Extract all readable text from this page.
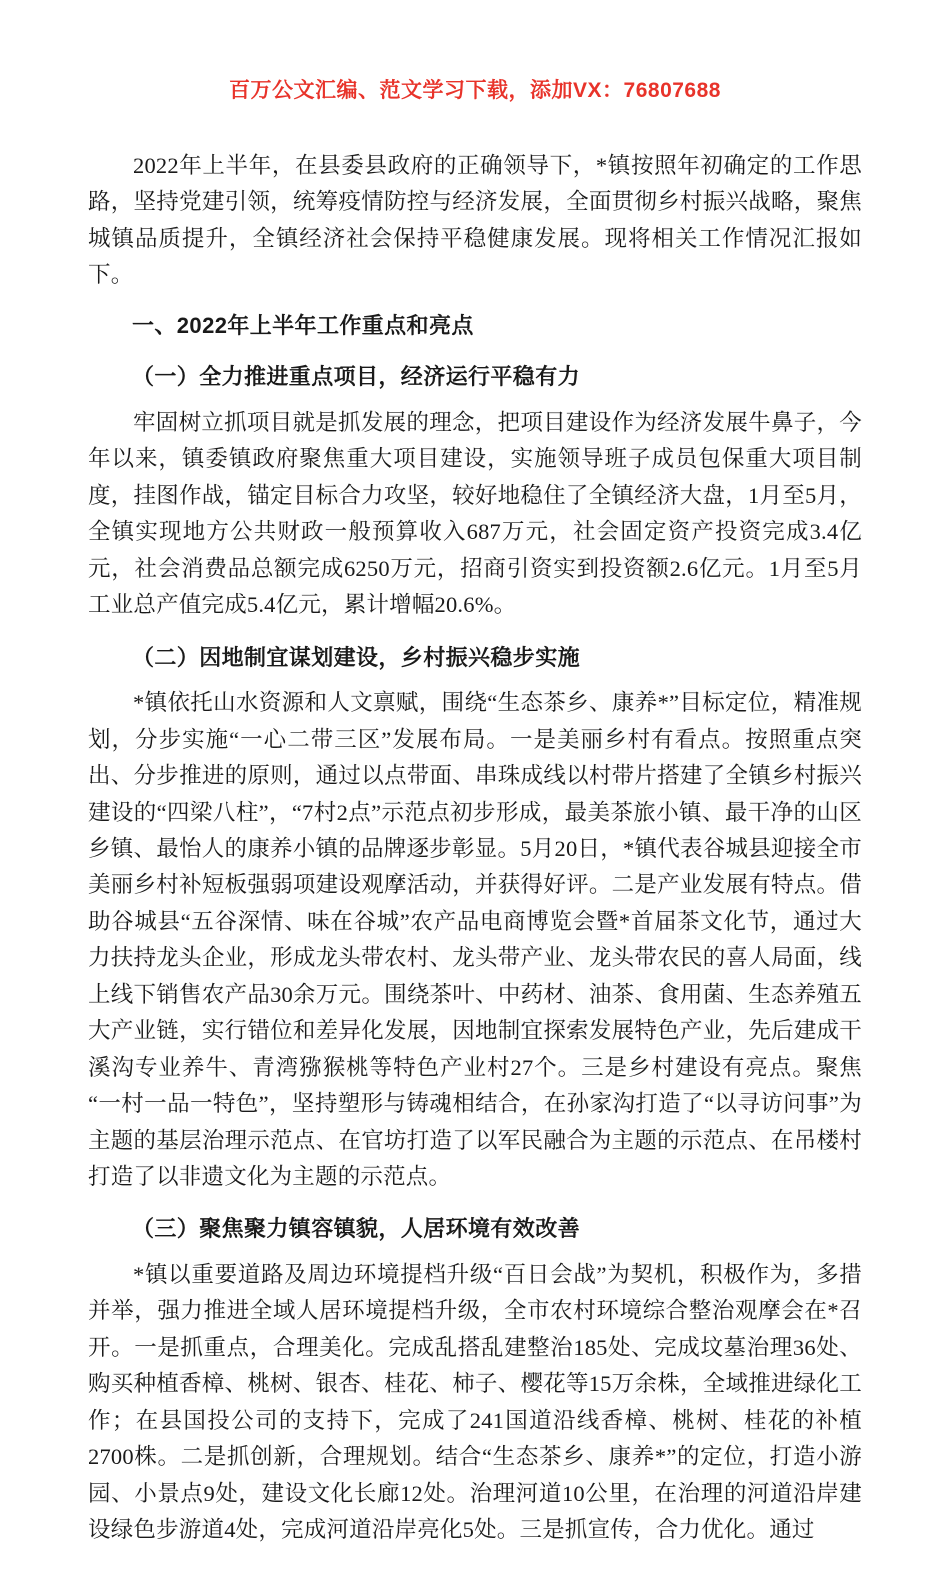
百万公文汇编、范文学习下载，添加VX：76807688

2022年上半年，在县委县政府的正确领导下，*镇按照年初确定的工作思路，坚持党建引领，统筹疫情防控与经济发展，全面贯彻乡村振兴战略，聚焦城镇品质提升，全镇经济社会保持平稳健康发展。现将相关工作情况汇报如下。

一、2022年上半年工作重点和亮点

（一）全力推进重点项目，经济运行平稳有力

牢固树立抓项目就是抓发展的理念，把项目建设作为经济发展牛鼻子，今年以来，镇委镇政府聚焦重大项目建设，实施领导班子成员包保重大项目制度，挂图作战，锚定目标合力攻坚，较好地稳住了全镇经济大盘，1月至5月，全镇实现地方公共财政一般预算收入687万元，社会固定资产投资完成3.4亿元，社会消费品总额完成6250万元，招商引资实到投资额2.6亿元。1月至5月工业总产值完成5.4亿元，累计增幅20.6%。

（二）因地制宜谋划建设，乡村振兴稳步实施

*镇依托山水资源和人文禀赋，围绕“生态茶乡、康养*”目标定位，精准规划，分步实施“一心二带三区”发展布局。一是美丽乡村有看点。按照重点突出、分步推进的原则，通过以点带面、串珠成线以村带片搭建了全镇乡村振兴建设的“四梁八柱”，“7村2点”示范点初步形成，最美茶旅小镇、最干净的山区乡镇、最怡人的康养小镇的品牌逐步彰显。5月20日，*镇代表谷城县迎接全市美丽乡村补短板强弱项建设观摩活动，并获得好评。二是产业发展有特点。借助谷城县“五谷深情、味在谷城”农产品电商博览会暨*首届茶文化节，通过大力扶持龙头企业，形成龙头带农村、龙头带产业、龙头带农民的喜人局面，线上线下销售农产品30余万元。围绕茶叶、中药材、油茶、食用菌、生态养殖五大产业链，实行错位和差异化发展，因地制宜探索发展特色产业，先后建成干溪沟专业养牛、青湾猕猴桃等特色产业村27个。三是乡村建设有亮点。聚焦“一村一品一特色”，坚持塑形与铸魂相结合，在孙家沟打造了“以寻访问事”为主题的基层治理示范点、在官坊打造了以军民融合为主题的示范点、在吊楼村打造了以非遗文化为主题的示范点。

（三）聚焦聚力镇容镇貌，人居环境有效改善

*镇以重要道路及周边环境提档升级“百日会战”为契机，积极作为，多措并举，强力推进全域人居环境提档升级，全市农村环境综合整治观摩会在*召开。一是抓重点，合理美化。完成乱搭乱建整治185处、完成坟墓治理36处、购买种植香樟、桃树、银杏、桂花、柿子、樱花等15万余株，全域推进绿化工作；在县国投公司的支持下，完成了241国道沿线香樟、桃树、桂花的补植2700株。二是抓创新，合理规划。结合“生态茶乡、康养*”的定位，打造小游园、小景点9处，建设文化长廊12处。治理河道10公里，在治理的河道沿岸建设绿色步游道4处，完成河道沿岸亮化5处。三是抓宣传，合力优化。通过
